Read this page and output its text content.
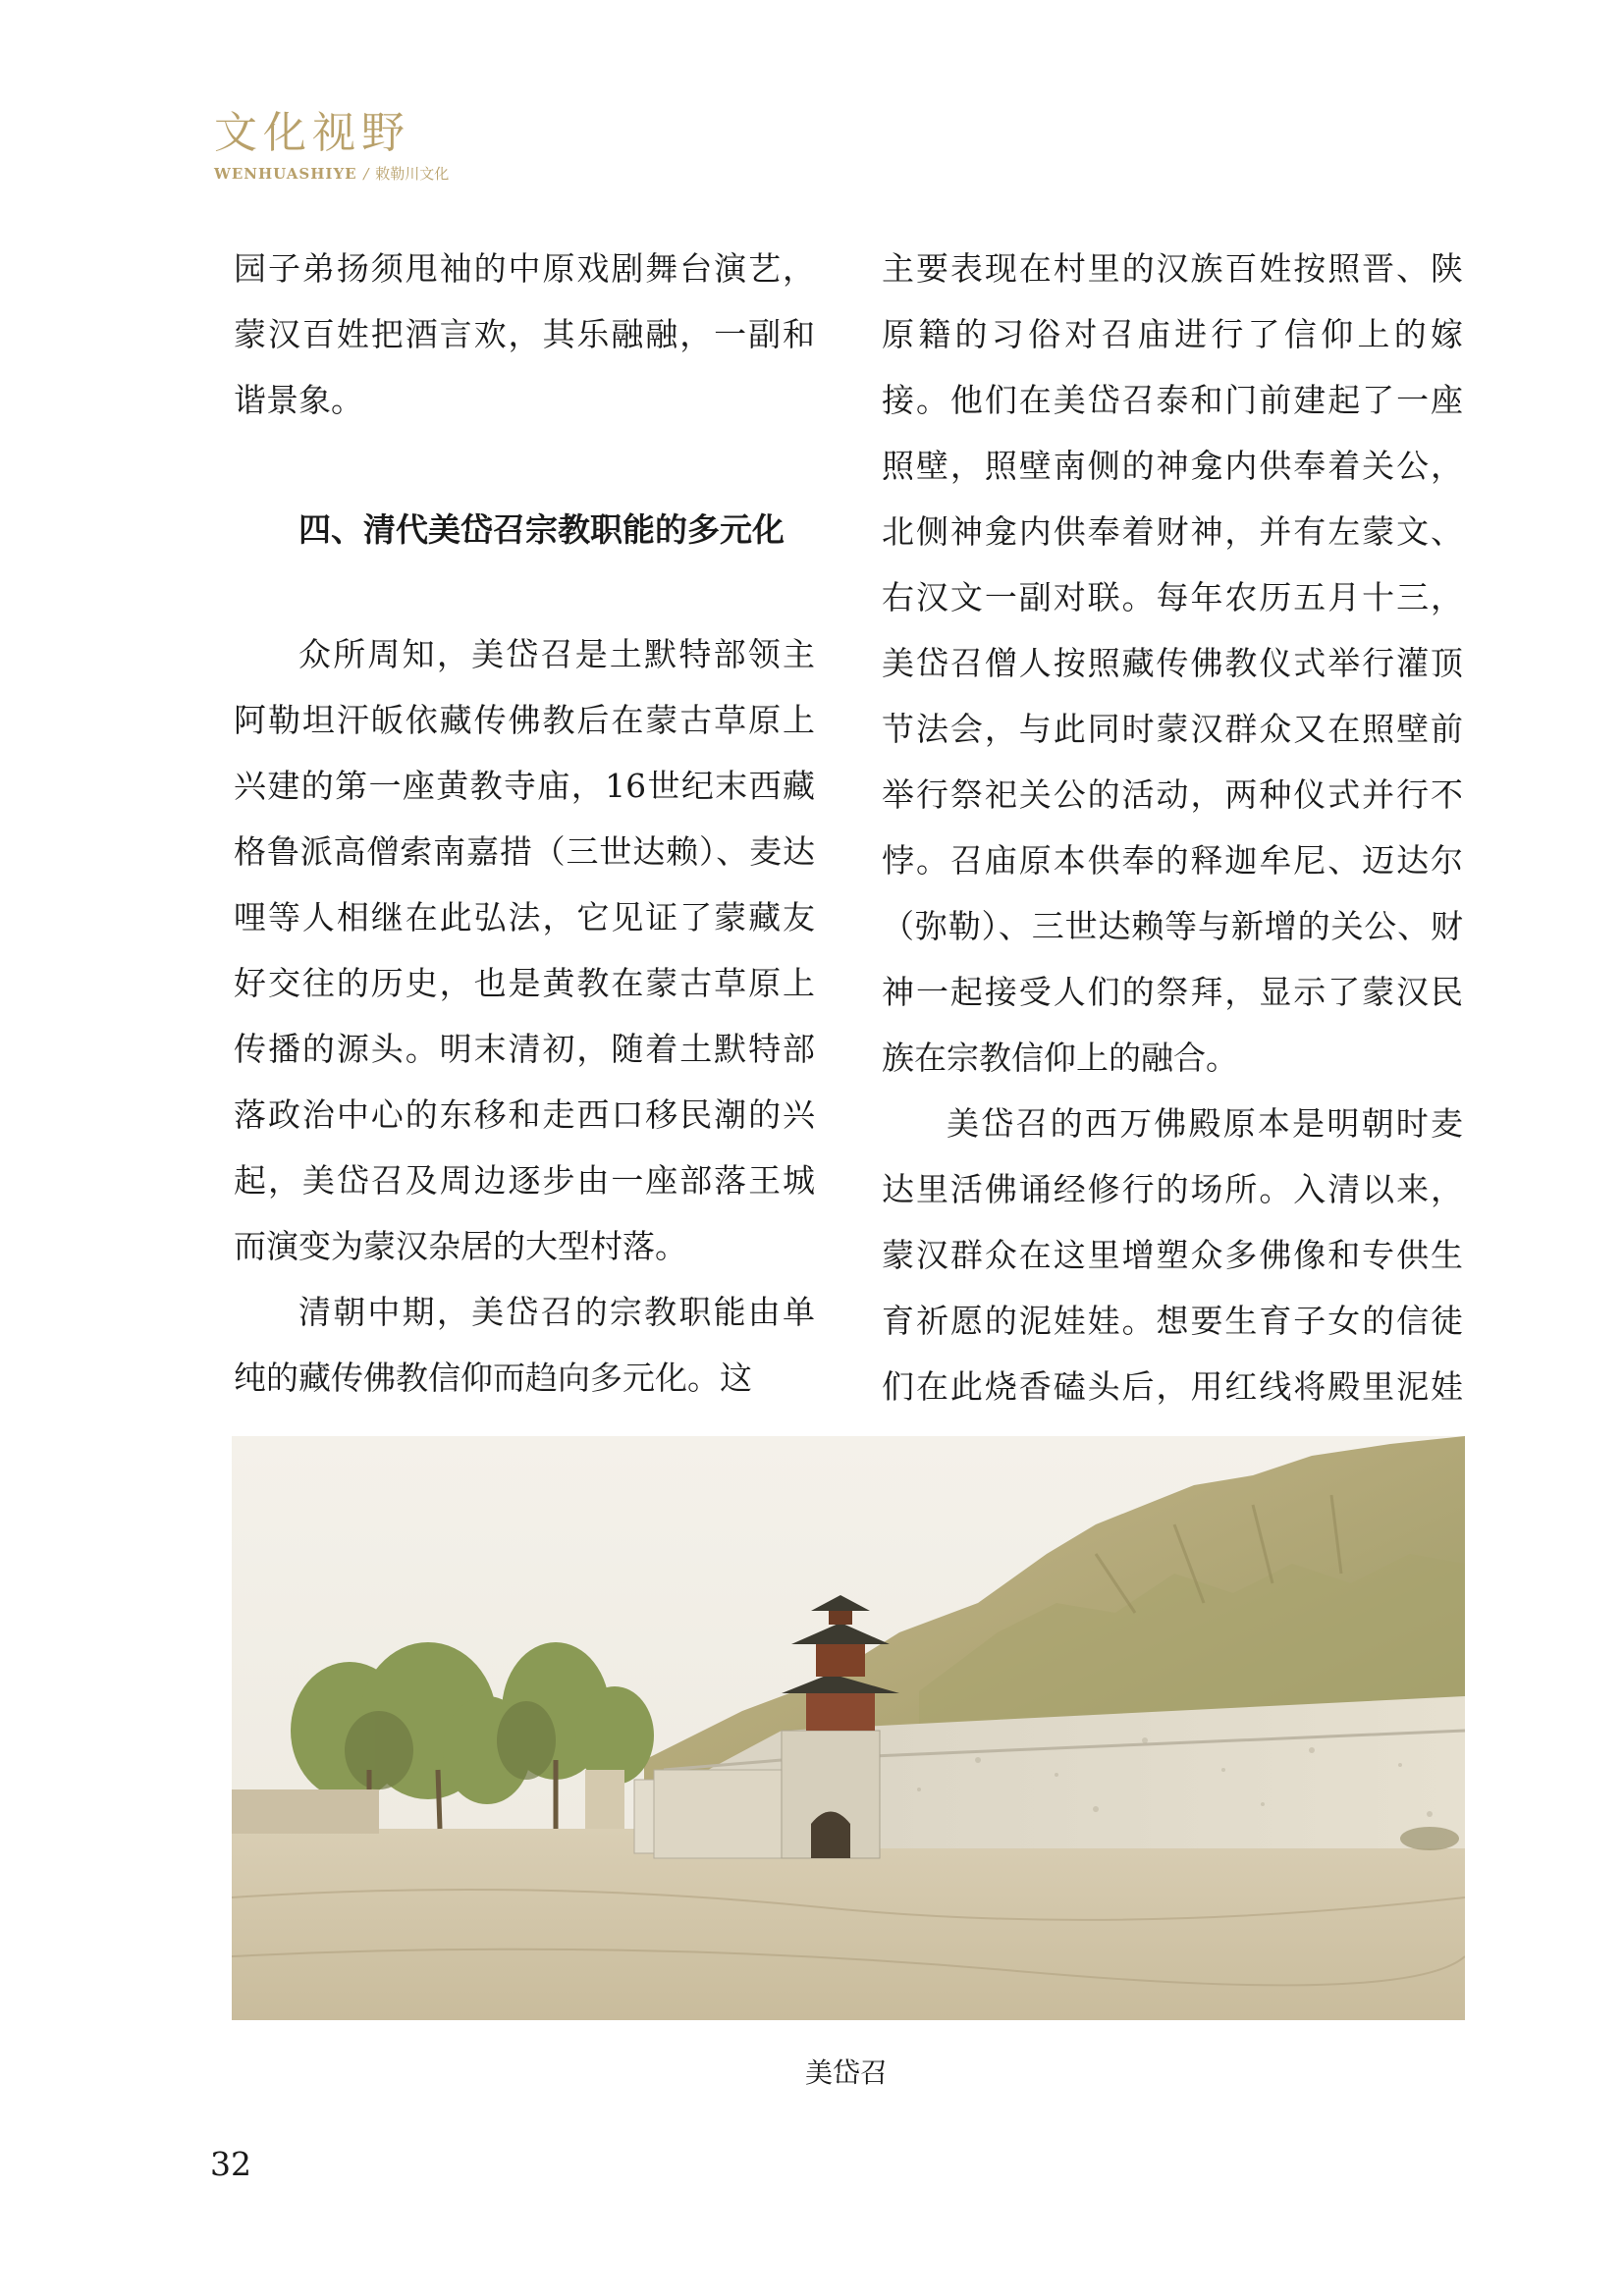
文化视野
WENHUASHIYE / 敕勒川文化

园子弟扬须甩袖的中原戏剧舞台演艺，蒙汉百姓把酒言欢，其乐融融，一副和谐景象。

四、清代美岱召宗教职能的多元化

众所周知，美岱召是土默特部领主阿勒坦汗皈依藏传佛教后在蒙古草原上兴建的第一座黄教寺庙，16世纪末西藏格鲁派高僧索南嘉措（三世达赖）、麦达哩等人相继在此弘法，它见证了蒙藏友好交往的历史，也是黄教在蒙古草原上传播的源头。明末清初，随着土默特部落政治中心的东移和走西口移民潮的兴起，美岱召及周边逐步由一座部落王城而演变为蒙汉杂居的大型村落。

清朝中期，美岱召的宗教职能由单纯的藏传佛教信仰而趋向多元化。这

主要表现在村里的汉族百姓按照晋、陕原籍的习俗对召庙进行了信仰上的嫁接。他们在美岱召泰和门前建起了一座照壁，照壁南侧的神龛内供奉着关公，北侧神龛内供奉着财神，并有左蒙文、右汉文一副对联。每年农历五月十三，美岱召僧人按照藏传佛教仪式举行灌顶节法会，与此同时蒙汉群众又在照壁前举行祭祀关公的活动，两种仪式并行不悖。召庙原本供奉的释迦牟尼、迈达尔（弥勒）、三世达赖等与新增的关公、财神一起接受人们的祭拜，显示了蒙汉民族在宗教信仰上的融合。

美岱召的西万佛殿原本是明朝时麦达里活佛诵经修行的场所。入清以来，蒙汉群众在这里增塑众多佛像和专供生育祈愿的泥娃娃。想要生育子女的信徒们在此烧香磕头后，用红线将殿里泥娃

美岱召
32
